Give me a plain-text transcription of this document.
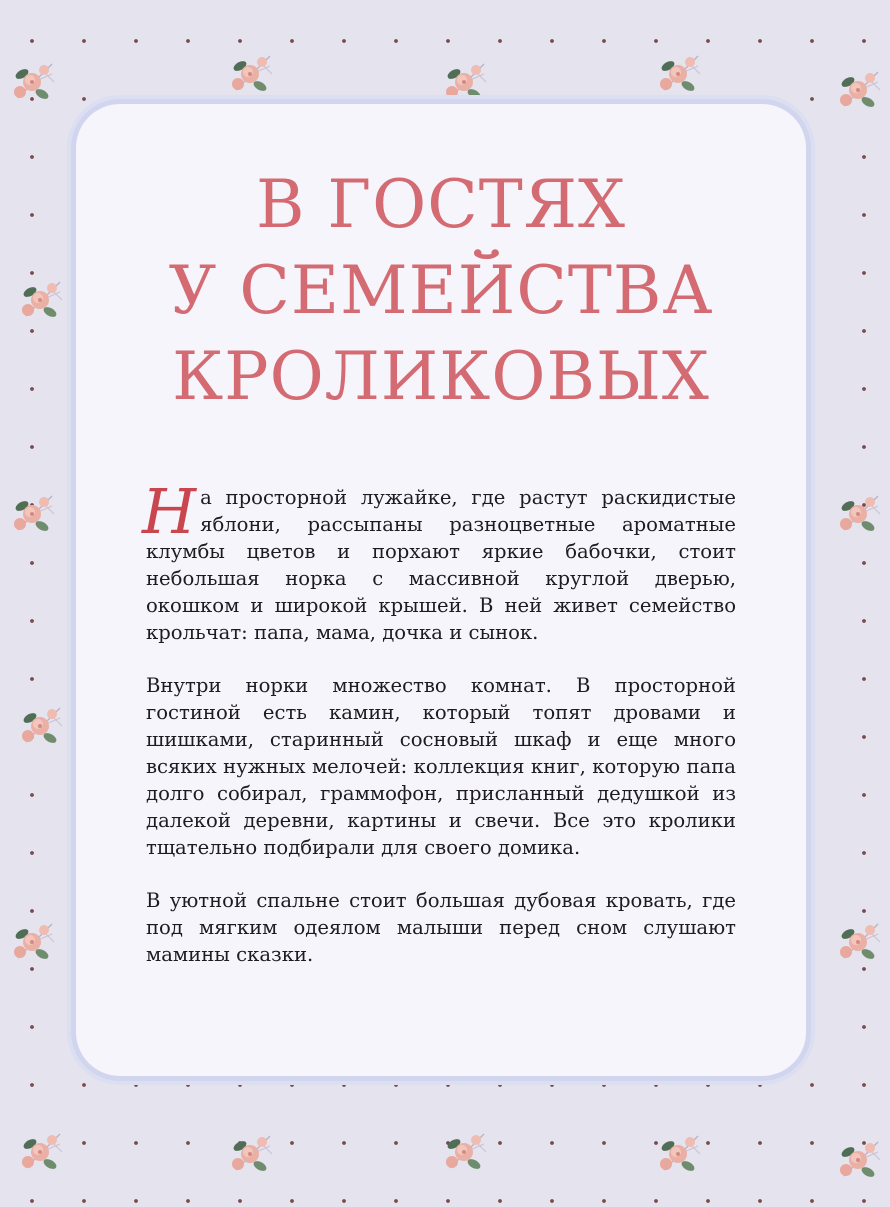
В ГОСТЯХ
У СЕМЕЙСТВА
КРОЛИКОВЫХ

На просторной лужайке, где растут раскидистые яблони, рассыпаны разноцветные ароматные клумбы цветов и порхают яркие бабочки, стоит небольшая норка с массивной круглой дверью, окошком и широкой крышей. В ней живет семейство крольчат: папа, мама, дочка и сынок.

Внутри норки множество комнат. В просторной гостиной есть камин, который топят дровами и шишками, старинный сосновый шкаф и еще много всяких нужных мелочей: коллекция книг, которую папа долго собирал, граммофон, присланный дедушкой из далекой деревни, картины и свечи. Все это кролики тщательно подбирали для своего домика.

В уютной спальне стоит большая дубовая кровать, где под мягким одеялом малыши перед сном слушают мамины сказки.
